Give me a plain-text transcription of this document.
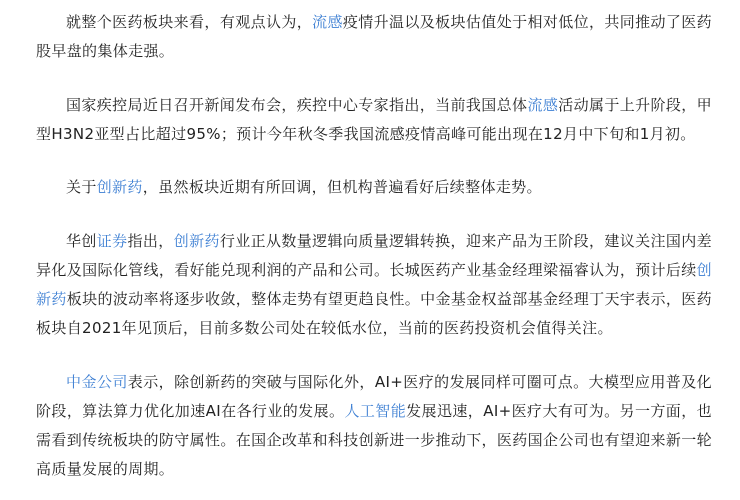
就整个医药板块来看，有观点认为，流感疫情升温以及板块估值处于相对低位，共同推动了医药股早盘的集体走强。

国家疾控局近日召开新闻发布会，疾控中心专家指出，当前我国总体流感活动属于上升阶段，甲型H3N2亚型占比超过95%；预计今年秋冬季我国流感疫情高峰可能出现在12月中下旬和1月初。

关于创新药，虽然板块近期有所回调，但机构普遍看好后续整体走势。

华创证券指出，创新药行业正从数量逻辑向质量逻辑转换，迎来产品为王阶段，建议关注国内差异化及国际化管线，看好能兑现利润的产品和公司。长城医药产业基金经理梁福睿认为，预计后续创新药板块的波动率将逐步收敛，整体走势有望更趋良性。中金基金权益部基金经理丁天宇表示，医药板块自2021年见顶后，目前多数公司处在较低水位，当前的医药投资机会值得关注。

中金公司表示，除创新药的突破与国际化外，AI+医疗的发展同样可圈可点。大模型应用普及化阶段，算法算力优化加速AI在各行业的发展。人工智能发展迅速，AI+医疗大有可为。另一方面，也需看到传统板块的防守属性。在国企改革和科技创新进一步推动下，医药国企公司也有望迎来新一轮高质量发展的周期。
